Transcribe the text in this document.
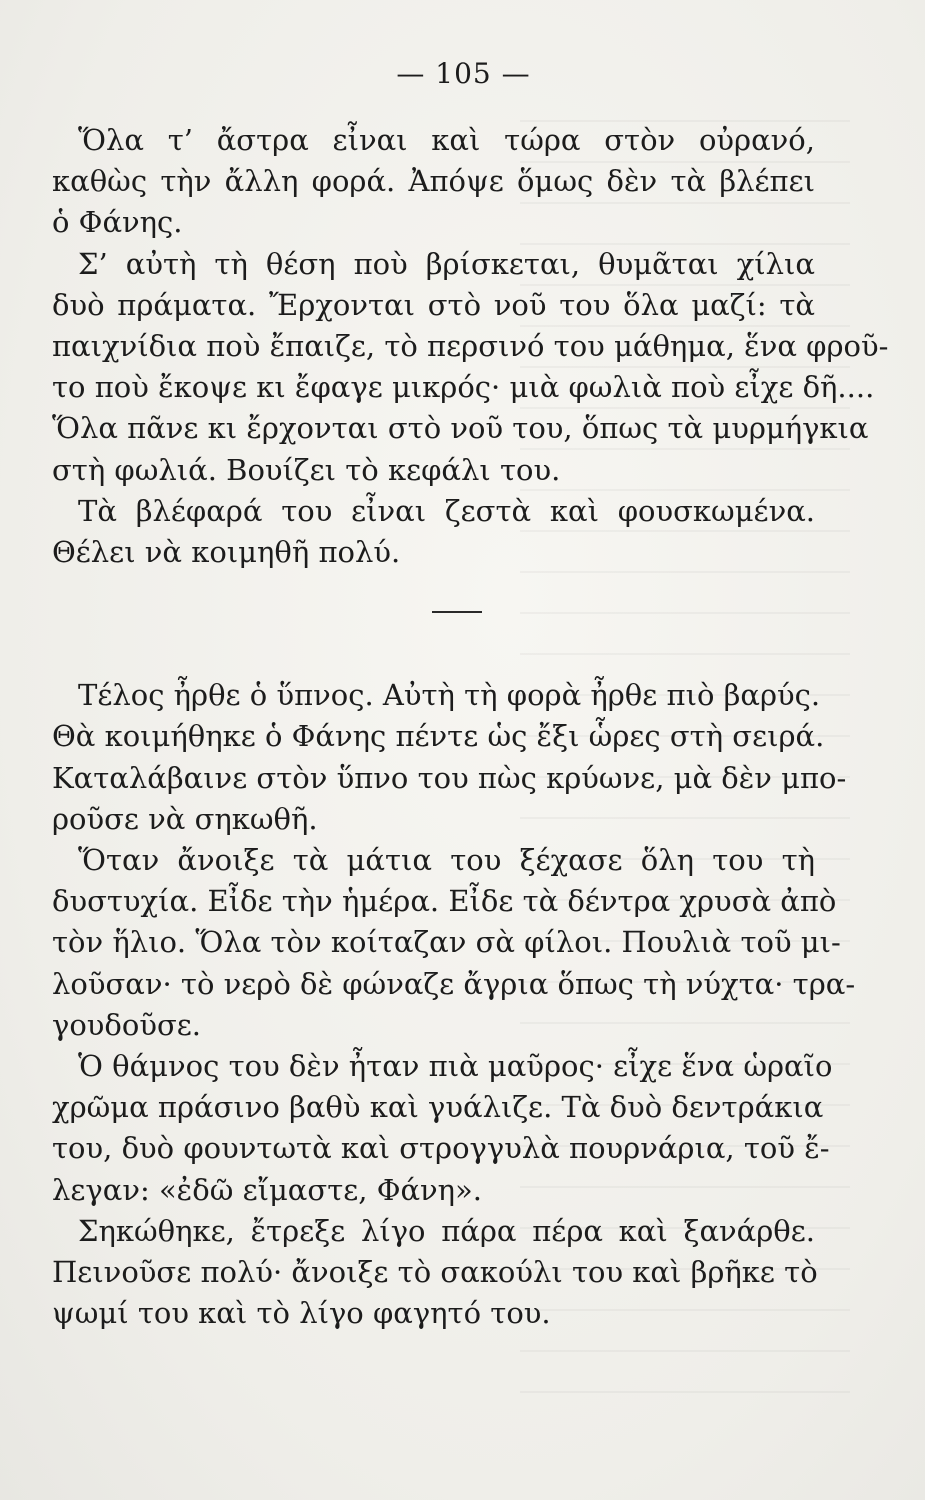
— 105 —
Ὅλα τ’ ἄστρα εἶναι καὶ τώρα στὸν οὐρανό,
καθὼς τὴν ἄλλη φορά. Ἀπόψε ὅμως δὲν τὰ βλέπει
ὁ Φάνης.
Σ’ αὐτὴ τὴ θέση ποὺ βρίσκεται, θυμᾶται χίλια
δυὸ πράματα. Ἔρχονται στὸ νοῦ του ὅλα μαζί: τὰ
παιχνίδια ποὺ ἔπαιζε, τὸ περσινό του μάθημα, ἕνα φροῦ-
το ποὺ ἔκοψε κι ἔφαγε μικρός· μιὰ φωλιὰ ποὺ εἶχε δῆ....
Ὅλα πᾶνε κι ἔρχονται στὸ νοῦ του, ὅπως τὰ μυρμήγκια
στὴ φωλιά. Βουίζει τὸ κεφάλι του.
Τὰ βλέφαρά του εἶναι ζεστὰ καὶ φουσκωμένα.
Θέλει νὰ κοιμηθῆ πολύ.
Τέλος ἦρθε ὁ ὕπνος. Αὐτὴ τὴ φορὰ ἦρθε πιὸ βαρύς.
Θὰ κοιμήθηκε ὁ Φάνης πέντε ὡς ἔξι ὧρες στὴ σειρά.
Καταλάβαινε στὸν ὕπνο του πὼς κρύωνε, μὰ δὲν μπο-
ροῦσε νὰ σηκωθῆ.
Ὅταν ἄνοιξε τὰ μάτια του ξέχασε ὅλη του τὴ
δυστυχία. Εἶδε τὴν ἡμέρα. Εἶδε τὰ δέντρα χρυσὰ ἀπὸ
τὸν ἥλιο. Ὅλα τὸν κοίταζαν σὰ φίλοι. Πουλιὰ τοῦ μι-
λοῦσαν· τὸ νερὸ δὲ φώναζε ἄγρια ὅπως τὴ νύχτα· τρα-
γουδοῦσε.
Ὁ θάμνος του δὲν ἦταν πιὰ μαῦρος· εἶχε ἕνα ὡραῖο
χρῶμα πράσινο βαθὺ καὶ γυάλιζε. Τὰ δυὸ δεντράκια
του, δυὸ φουντωτὰ καὶ στρογγυλὰ πουρνάρια, τοῦ ἔ-
λεγαν: «ἐδῶ εἴμαστε, Φάνη».
Σηκώθηκε, ἔτρεξε λίγο πάρα πέρα καὶ ξανάρθε.
Πεινοῦσε πολύ· ἄνοιξε τὸ σακούλι του καὶ βρῆκε τὸ
ψωμί του καὶ τὸ λίγο φαγητό του.
